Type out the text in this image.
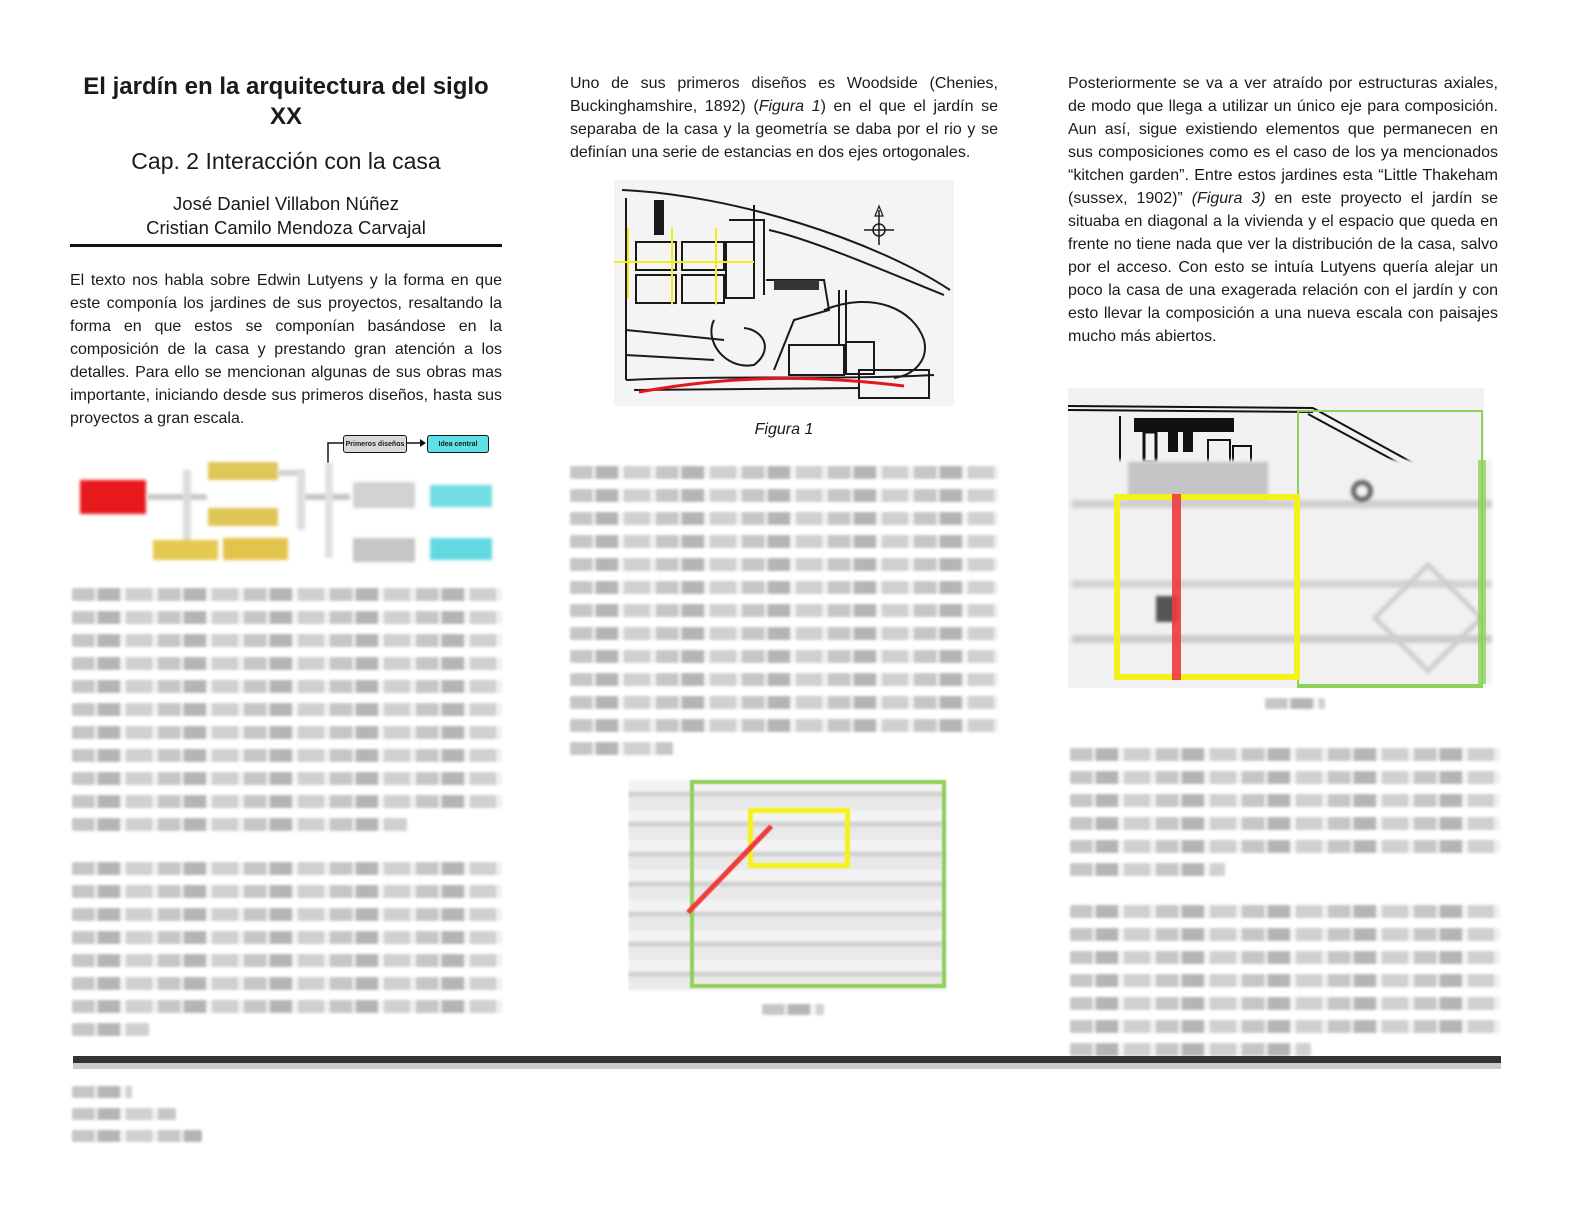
El jardín en la arquitectura del siglo XX
Cap. 2 Interacción con la casa
José Daniel Villabon Núñez
Cristian Camilo Mendoza Carvajal

El texto nos habla sobre Edwin Lutyens y la forma en que este componía los jardines de sus proyectos, resaltando la forma en que estos se componían basándose en la composición de la casa y prestando gran atención a los detalles. Para ello se mencionan algunas de sus obras mas importante, iniciando desde sus primeros diseños, hasta sus proyectos a gran escala.

Primeros diseños	Idea central

Uno de sus primeros diseños es Woodside (Chenies, Buckinghamshire, 1892) (Figura 1) en el que el jardín se separaba de la casa y la geometría se daba por el rio y se definían una serie de estancias en dos ejes ortogonales.

Figura 1

Posteriormente se va a ver atraído por estructuras axiales, de modo que llega a utilizar un único eje para composición. Aun así, sigue existiendo elementos que permanecen en sus composiciones como es el caso de los ya mencionados “kitchen garden”. Entre estos jardines esta “Little Thakeham (sussex, 1902)” (Figura 3) en este proyecto el jardín se situaba en diagonal a la vivienda y el espacio que queda en frente no tiene nada que ver la distribución de la casa, salvo por el acceso. Con esto se intuía Lutyens quería alejar un poco la casa de una exagerada relación con el jardín y con esto llevar la composición a una nueva escala con paisajes mucho más abiertos.
